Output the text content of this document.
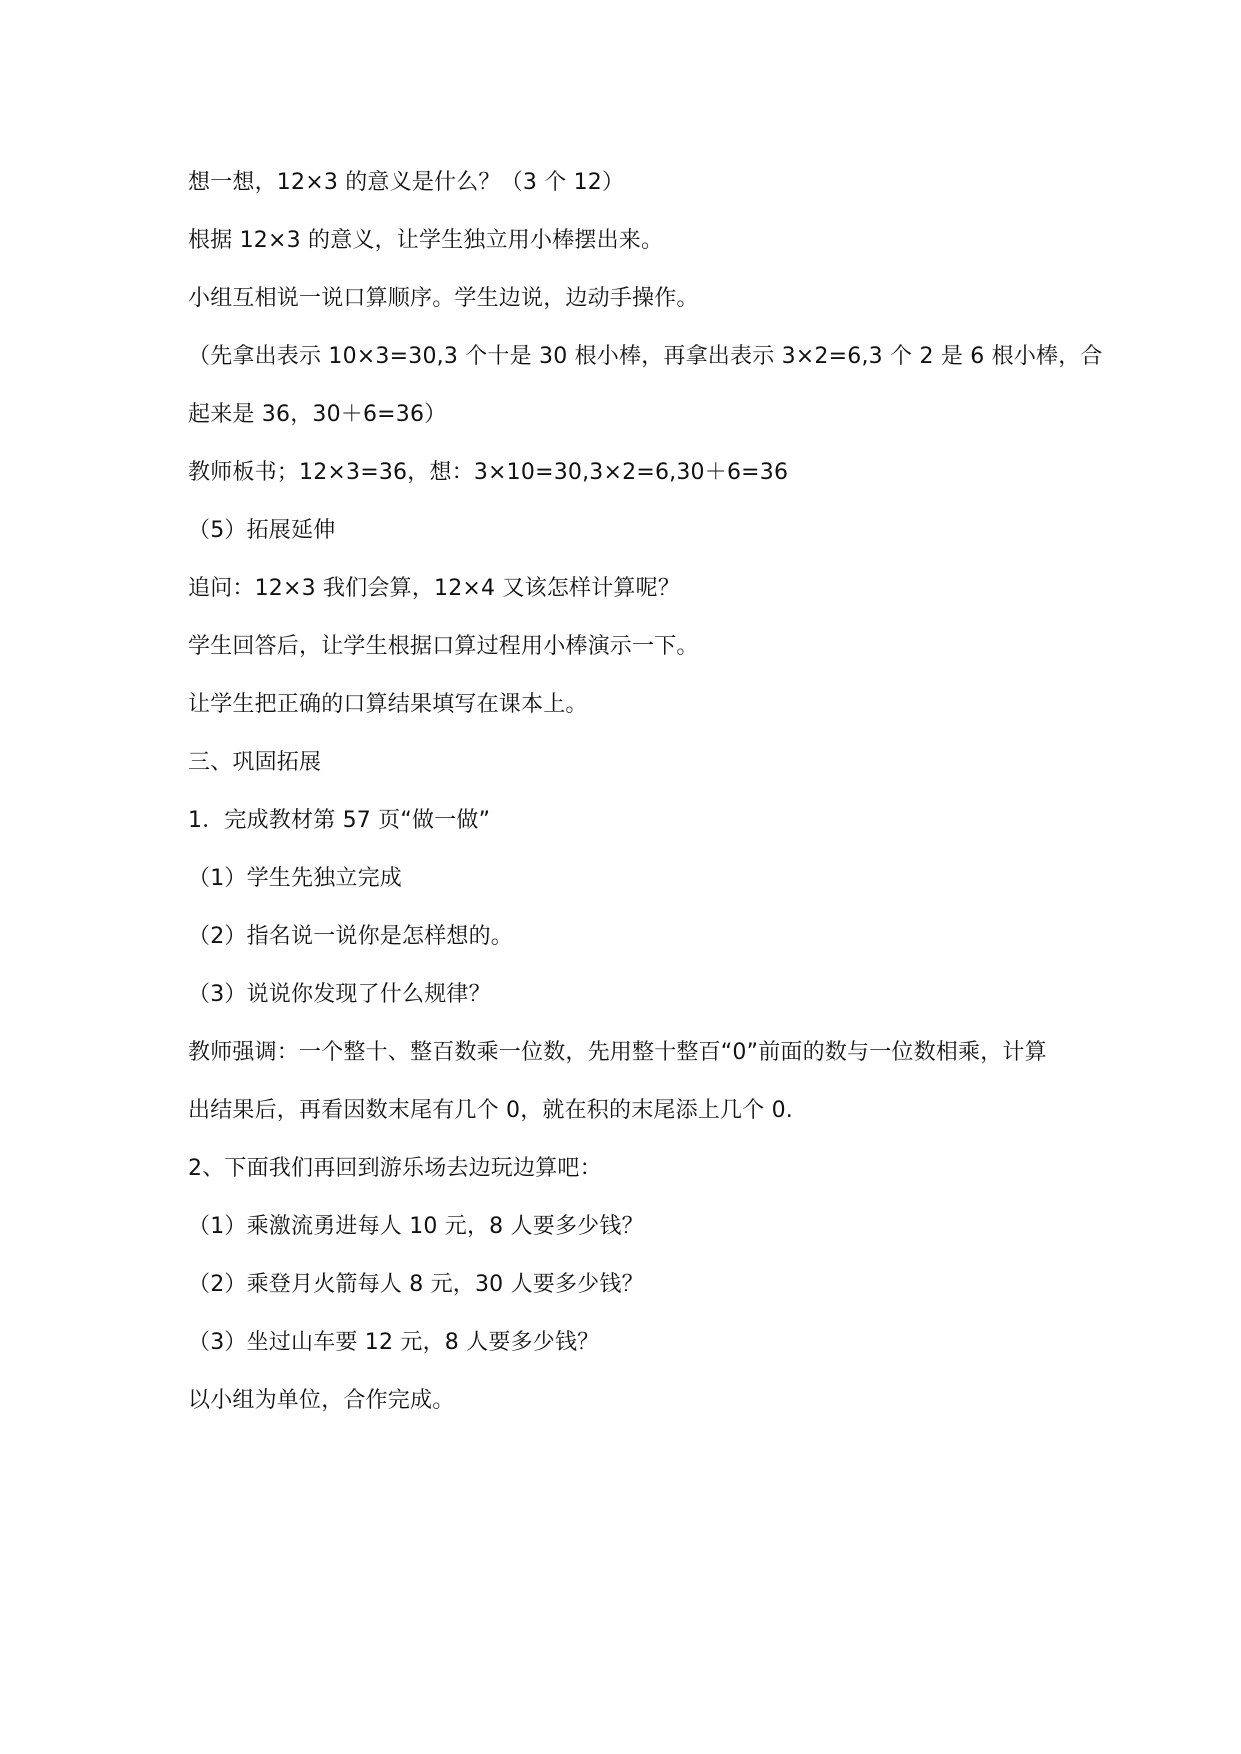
想一想，12×3 的意义是什么？（3 个 12）
根据 12×3 的意义，让学生独立用小棒摆出来。
小组互相说一说口算顺序。学生边说，边动手操作。
（先拿出表示 10×3=30,3 个十是 30 根小棒，再拿出表示 3×2=6,3 个 2 是 6 根小棒，合
起来是 36，30＋6=36）
教师板书；12×3=36，想：3×10=30,3×2=6,30＋6=36
（5）拓展延伸
追问：12×3 我们会算，12×4 又该怎样计算呢？
学生回答后，让学生根据口算过程用小棒演示一下。
让学生把正确的口算结果填写在课本上。
三、巩固拓展
1．完成教材第 57 页“做一做”
（1）学生先独立完成
（2）指名说一说你是怎样想的。
（3）说说你发现了什么规律？
教师强调：一个整十、整百数乘一位数，先用整十整百“0”前面的数与一位数相乘，计算
出结果后，再看因数末尾有几个 0，就在积的末尾添上几个 0.
2、下面我们再回到游乐场去边玩边算吧：
（1）乘激流勇进每人 10 元，8 人要多少钱？
（2）乘登月火箭每人 8 元，30 人要多少钱？
（3）坐过山车要 12 元，8 人要多少钱？
以小组为单位，合作完成。
